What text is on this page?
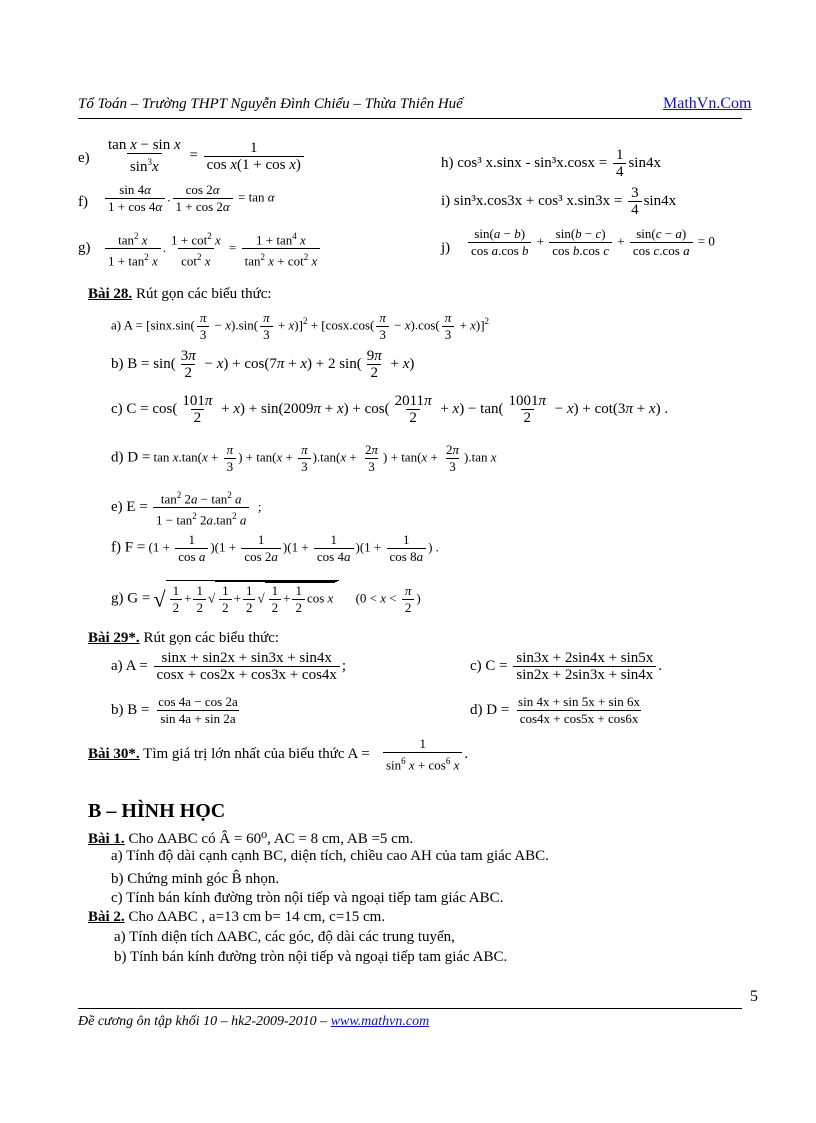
Tổ Toán – Trường THPT Nguyễn Đình Chiểu – Thừa Thiên Huế	MathVn.Com
$e) \frac{\text{tan x − sin x}}{\sin^3x} = \frac{1}{\text{cos x(1 + cos x)}}$
$f) \frac{\sin 4\alpha}{1 + \cos 4\alpha}$ . $\frac{\cos 2\alpha}{1 + \cos 2\alpha} = \tan \alpha$
$g) \frac{\tan^2 x}{1 + \tan^2 x}$ . $\frac{1 + \cot^2 x}{\cot^2 x} = \frac{1 + \tan^4 x}{\tan^2 x + \cot^2 x}$
h) cos³ $x.\sin x - \sin^3x.\cos x = \frac{1}{4} \sin 4x$
i) sin³x.cos3x + cos³ $x.\sin 3x = \frac{3}{4} \sin 4x$
$j) \frac{\sin(a - b)}{\text{cos a.cos b}} + \frac{\sin(b - c)}{\text{cos b.cos c}} + \frac{\sin(c - a)}{\text{cos c.cos a}} = 0$
Bài 28. Rút gọn các biểu thức:
a) $A = [\sin x.\sin( \frac{\pi}{3} - x).\sin( \frac{\pi}{3} + x)]^2 + [\cos x.\cos( \frac{\pi}{3} - x).\cos( \frac{\pi}{3} + x)]^2$
b) $B = \sin( \frac{3\pi}{2} - x) + \cos(7\pi + x) + 2$ $\sin( \frac{9\pi}{2} + x)$
c) $C = \cos( \frac{101\pi}{2} + x) + \sin(2009\pi + x) + \cos( \frac{2011\pi}{2} + x) - \tan( \frac{1001\pi}{2} - x) + \cot(3\pi + x)$ .
d) $D = \tan x.\tan(x + \frac{\pi}{3}$ ) + $\tan(x + \frac{\pi}{3} ).\tan(x + \frac{2\pi}{3}$ ) + $\tan(x + \frac{2\pi}{3} ).\tan$ x
e) $E = \frac{\tan^2 2a - \tan^2 a}{1 - \tan^2 2a.\tan^2 a}$ ;
f) $F = (1 + \frac{1}{\text{cos a}} )(1 + \frac{1}{\cos 2a} )(1 + \frac{1}{\cos 4a} )(1 + \frac{1}{\cos 8a}$ ) .
g) G = √ $\frac{1}{2} + \frac{1}{2}$ √ $\frac{1}{2} + \frac{1}{2}$ √ $\frac{1}{2} + \frac{1}{2}$ cos x     ($0 < x < \frac{\pi}{2}$ )
Bài 29*. Rút gọn các biểu thức:
a) $A = \frac{\sin x + \sin 2x + \sin 3x + \sin 4x}{\cos x + \cos 2x + \cos 3x + \cos 4x}$ ;	c) $C = \frac{\sin 3x + 2\sin 4x + \sin 5x}{\sin 2x + 2\sin 3x + \sin 4x}$ .
b) $B = \frac{\cos 4a - \cos 2a}{\sin 4a + \sin 2a}$	d) $D = \frac{\sin 4x + \sin 5x + \sin 6x}{\cos 4x + \cos 5x + \cos 6x}$
Bài 30*. Tìm giá trị lớn nhất của biểu thức $A = \frac{1}{\sin^6 x + \cos^6 x}$ .
B – HÌNH HỌC
Bài 1. Cho ΔABC có Â = 60⁰, AC = 8 cm, AB =5 cm.
a) Tính độ dài cạnh cạnh BC, diện tích, chiều cao AH của tam giác ABC.
b) Chứng minh góc B̂ nhọn.
c) Tính bán kính đường tròn nội tiếp và ngoại tiếp tam giác ABC.
Bài 2. Cho ΔABC , a=13 cm b= 14 cm, c=15 cm.
a) Tính diện tích ΔABC, các góc, độ dài các trung tuyến,
b) Tính bán kính đường tròn nội tiếp và ngoại tiếp tam giác ABC.
5
Đề cương ôn tập khối 10 – hk2-2009-2010 – www.mathvn.com
